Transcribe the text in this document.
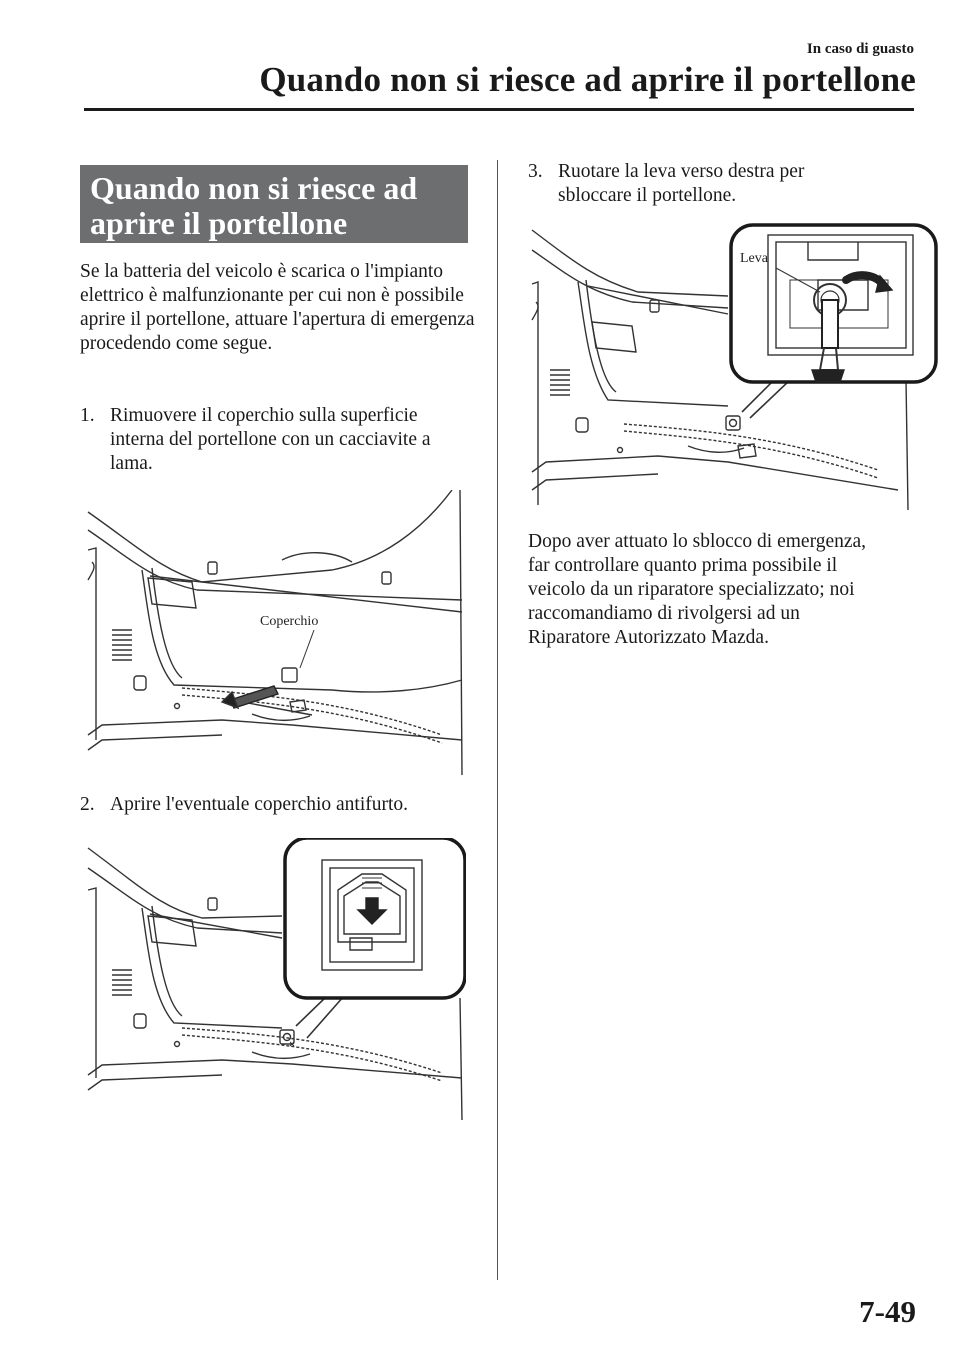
In caso di guasto
Quando non si riesce ad aprire il portellone
Quando non si riesce ad
aprire il portellone

Se la batteria del veicolo è scarica o l'impianto elettrico è malfunzionante per cui non è possibile aprire il portellone, attuare l'apertura di emergenza procedendo come segue.

1. Rimuovere il coperchio sulla superficie interna del portellone con un cacciavite a lama.
Coperchio
2. Aprire l'eventuale coperchio antifurto.
3. Ruotare la leva verso destra per sbloccare il portellone.
Leva

Dopo aver attuato lo sblocco di emergenza, far controllare quanto prima possibile il veicolo da un riparatore specializzato; noi raccomandiamo di rivolgersi ad un Riparatore Autorizzato Mazda.

7-49
